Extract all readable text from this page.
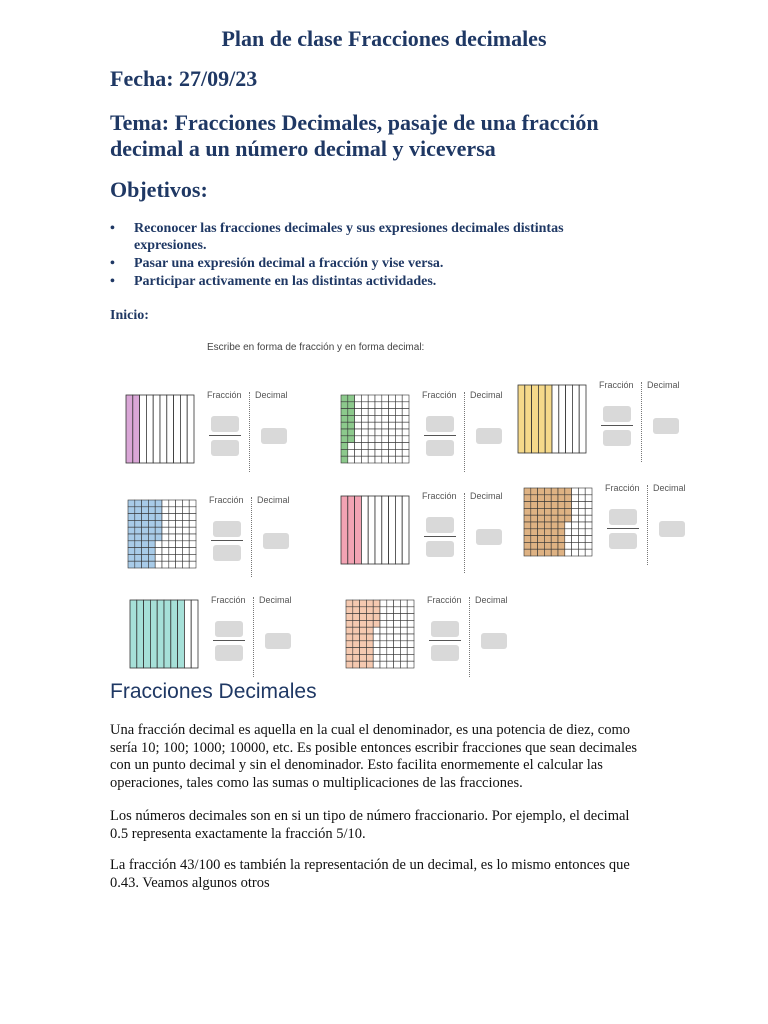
Plan de clase Fracciones decimales
Fecha: 27/09/23
Tema: Fracciones Decimales, pasaje de una fracción decimal a un número decimal y viceversa
Objetivos:
• Reconocer las fracciones decimales y sus expresiones decimales distintas expresiones.
• Pasar una expresión decimal a fracción y vise versa.
• Participar activamente en las distintas actividades.
Inicio:
Escribe en forma de fracción y en forma decimal:
Fracción Decimal	Fracción Decimal
Fracción Decimal
Fracción Decimal	Fracción Decimal
Fracción Decimal
Fracción Decimal	Fracción Decimal
Fracciones Decimales

Una fracción decimal es aquella en la cual el denominador, es una potencia de diez, como sería 10; 100; 1000; 10000, etc. Es posible entonces escribir fracciones que sean decimales con un punto decimal y sin el denominador. Esto facilita enormemente el calcular las operaciones, tales como las sumas o multiplicaciones de las fracciones.

Los números decimales son en si un tipo de número fraccionario. Por ejemplo, el decimal 0.5 representa exactamente la fracción 5/10.

La fracción 43/100 es también la representación de un decimal, es lo mismo entonces que 0.43. Veamos algunos otros
